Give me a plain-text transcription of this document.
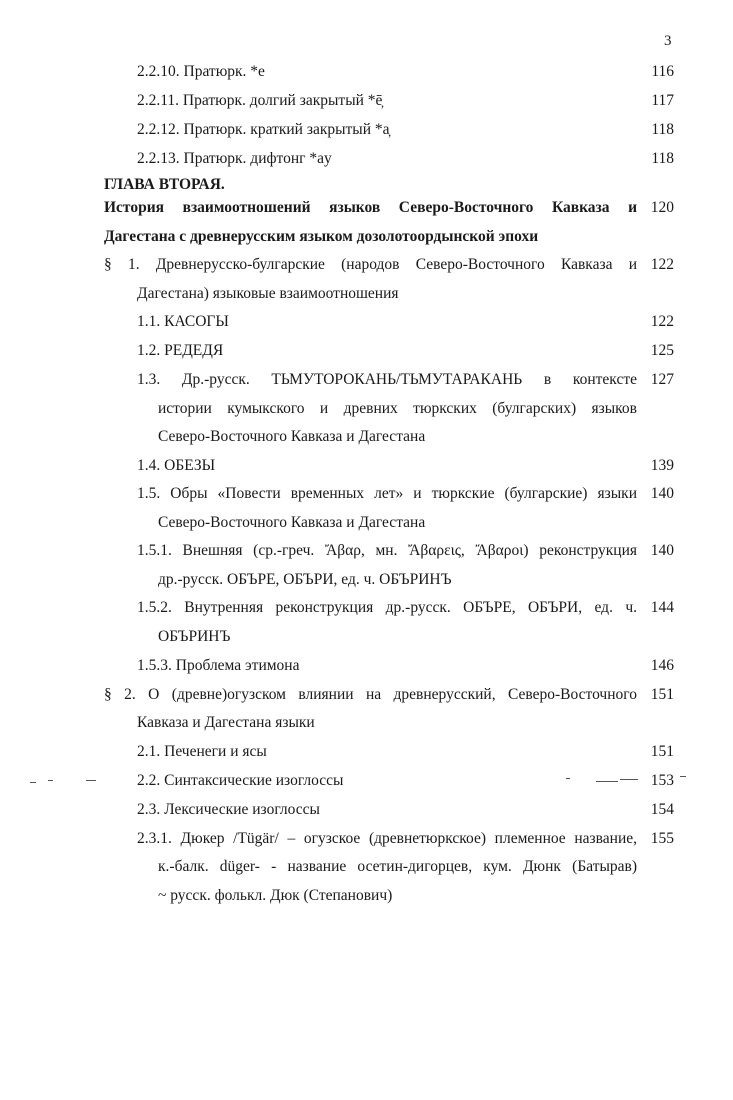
3
2.2.10. Пратюрк. *e	116
2.2.11. Пратюрк. долгий закрытый *ē̦	117
2.2.12. Пратюрк. краткий закрытый *a̦	118
2.2.13. Пратюрк. дифтонг *ay	118
ГЛАВА ВТОРАЯ.
История взаимоотношений языков Северо-Восточного Кавказа и 120
Дагестана с древнерусским языком дозолотоордынской эпохи
§ 1. Древнерусско-булгарские (народов Северо-Восточного Кавказа и 122
Дагестана) языковые взаимоотношения
1.1. КАСОГЫ	122
1.2. РЕДЕДЯ	125
1.3. Др.-русск. ТЬМУТОРОКАНЬ/ТЬМУТАРАКАНЬ в контексте 127
истории кумыкского и древних тюркских (булгарских) языков
Северо-Восточного Кавказа и Дагестана
1.4. ОБЕЗЫ	139
1.5. Обры «Повести временных лет» и тюркские (булгарские) языки 140
Северо-Восточного Кавказа и Дагестана
1.5.1. Внешняя (ср.-греч. Ἄβαρ, мн. Ἄβαρεις, Ἄβαροι) реконструкция 140
др.-русск. ОБЪРЕ, ОБЪРИ, ед. ч. ОБЪРИНЪ
1.5.2. Внутренняя реконструкция др.-русск. ОБЪРЕ, ОБЪРИ, ед. ч. 144
ОБЪРИНЪ
1.5.3. Проблема этимона	146
§ 2. О (древне)огузском влиянии на древнерусский, Северо-Восточного 151
Кавказа и Дагестана языки
2.1. Печенеги и ясы	151
2.2. Синтаксические изоглоссы	153
2.3. Лексические изоглоссы	154
2.3.1. Дюкер /Tügär/ – огузское (древнетюркское) племенное название, 155
к.-балк. düger- - название осетин-дигорцев, кум. Дюнк (Батырав)
~ русск. фолькл. Дюк (Степанович)
